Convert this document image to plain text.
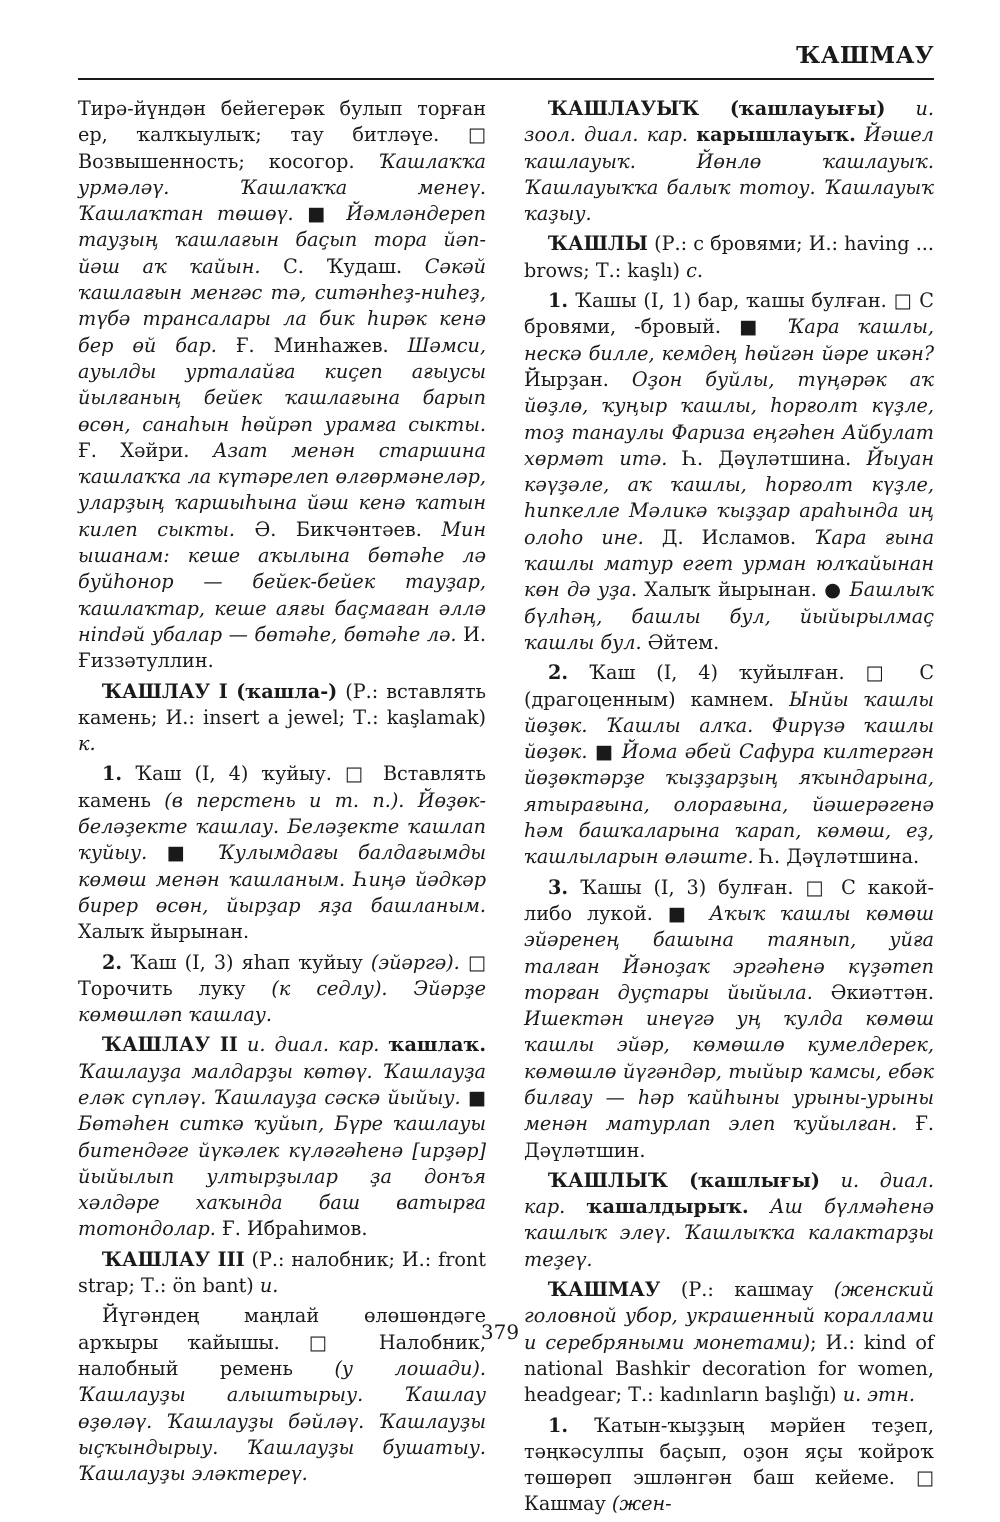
ҠАШМАУ

Тирә-йүндән бейегерәк булып торған ер, ҡалҡыулыҡ; тау битләүе. □ Возвышенность; косогор. Ҡашлаҡҡа урмәләү. Ҡашлаҡҡа менеү. Ҡашлаҡтан төшөү. ■ Йәмләндерeп тауҙың ҡашлағын баҫып тора йәп-йәш аҡ ҡайын. С. Ҡудаш. Сәкәй ҡашлағын менгәс тә, ситәнһеҙ-ниһеҙ, түбә трансалары ла бик һирәк кенә бер өй бар. Ғ. Минһажев. Шәмси, ауылды урталайға киҫеп ағыусы йылғаның бейек ҡашлағына барып өсөн, санаһын һөйрәп урамға сыкты. Ғ. Хәйри. Азат менән старшина ҡашлаҡҡа ла күтәрелеп өлгөрмәнеләр, уларҙың ҡаршыһына йәш кенә ҡатын килеп сыкты. Ә. Бикчәнтәев. Мин ышанам: кеше аҡылына бөтәһе лә буйһонор — бейек-бейек тауҙар, ҡашлаҡтар, кеше аяғы баҫмаған әллә нindәй убалар — бөтәһе, бөтәһе лә. И. Ғиззәтуллин.

ҠАШЛАУ I (ҡашла-) (Р.: вставлять камень; И.: insert a jewel; Т.: kaşlamak) к.

1. Ҡаш (I, 4) ҡуйыу. □ Вставлять камень (в перстень и т. п.). Йөҙөк-беләҙекте ҡашлау. Беләҙекте ҡашлап ҡуйыу. ■ Ҡулымдағы балдағымды көмөш менән ҡашланым. Һиңә йәдкәр бирер өсөн, йырҙар яҙа башланым. Халыҡ йырынан.

2. Ҡаш (I, 3) яһап ҡуйыу (эйәргә). □ Торочить луку (к седлу). Эйәрҙе көмөшләп ҡашлау.

ҠАШЛАУ II и. диал. кар. ҡашлаҡ. Ҡашлауҙа малдарҙы көтөү. Ҡашлауҙа еләк сүпләү. Ҡашлауҙа сәскә йыйыу. ■ Бөтәһен ситкә ҡуйып, Бүре ҡашлауы битендәге йүкәлек күләгәһенә [ирҙәр] йыйылып ултырҙылар ҙа донъя хәлдәре хаҡында баш ватырға тотондолар. Ғ. Ибраһимов.

ҠАШЛАУ III (Р.: налобник; И.: front strap; Т.: ön bant) и.

Йүгәндең маңлай өлөшөндәге арҡыры ҡайышы. □ Налобник, налобный ремень (у лошади). Ҡашлауҙы алыштырыу. Ҡашлау өҙөләү. Ҡашлауҙы бәйләү. Ҡашлауҙы ыҫҡындырыу. Ҡашлауҙы бушатыу. Ҡашлауҙы эләктереү.

ҠАШЛАУЫҠ (ҡашлауығы) и. зоол. диал. кар. карышлауыҡ. Йәшел ҡашлауыҡ. Йөнлө ҡашлауыҡ. Ҡашлауыҡҡа балыҡ тотоу. Ҡашлауыҡ ҡаҙыу.

ҠАШЛЫ (Р.: с бровями; И.: having ... brows; Т.: kaşlı) с.

1. Ҡашы (I, 1) бар, ҡашы булған. □ С бровями, -бровый. ■ Ҡара ҡашлы, нескә билле, кемдең һөйгән йәре икән? Йырҙан. Оҙон буйлы, түңәрәк аҡ йөҙлө, ҡуңыр ҡашлы, һорғолт күҙле, тоҙ танаулы Фариза еңгәһен Айбулат хөрмәт итә. Һ. Дәүләтшина. Йыуан кәүҙәле, аҡ ҡашлы, һорғолт күҙле, һипкелле Мәликә ҡыҙҙар араһында иң олоһо ине. Д. Исламов. Ҡара ғына ҡашлы матур егет урман юлҡайынан көн дә уҙа. Халыҡ йырынан. ● Башлыҡ бүлһәң, башлы бул, йыйырылмаҫ ҡашлы бул. Әйтем.

2. Ҡаш (I, 4) ҡуйылған. □ С (драгоценным) камнем. Ынйы ҡашлы йөҙөк. Ҡашлы алҡа. Фирүзә ҡашлы йөҙөк. ■ Йома әбей Сафура килтергән йөҙөктәрҙе ҡыҙҙарҙың яҡындарына, ятырағына, олорағына, йәшерәгенә һәм башҡаларына ҡарап, көмөш, еҙ, ҡашлыларын өләште. Һ. Дәүләтшина.

3. Ҡашы (I, 3) булған. □ С какой-либо лукой. ■ Аҡыҡ ҡашлы көмөш эйәренең башына таянып, уйға талған Йәноҙаҡ эргәһенә күҙәтеп торған дуҫтары йыйыла. Әкиәттән. Ишектән инеүгә уң ҡулда көмөш ҡашлы эйәр, көмөшлө кумелдерек, көмөшлө йүгәндәр, тыйыр ҡамсы, ебәк билғау — һәр ҡайһыны урыны-урыны менән матурлап элеп ҡуйылған. Ғ. Дәүләтшин.

ҠАШЛЫҠ (ҡашлығы) и. диал. кар. ҡашалдырыҡ. Аш бүлмәһенә ҡашлыҡ элеү. Ҡашлыҡҡа калактарҙы теҙеү.

ҠАШМАУ (Р.: кашмау (женский головной убор, украшенный кораллами и серебряными монетами); И.: kind of national Bashkir decoration for women, headgear; Т.: kadınların başlığı) и. этн.

1. Ҡатын-ҡыҙҙың мәрйен теҙеп, тәңкәсулпы баҫып, оҙон яҫы ҡойроҡ төшөрөп эшләнгән баш кейеме. □ Кашмау (жен-

379
